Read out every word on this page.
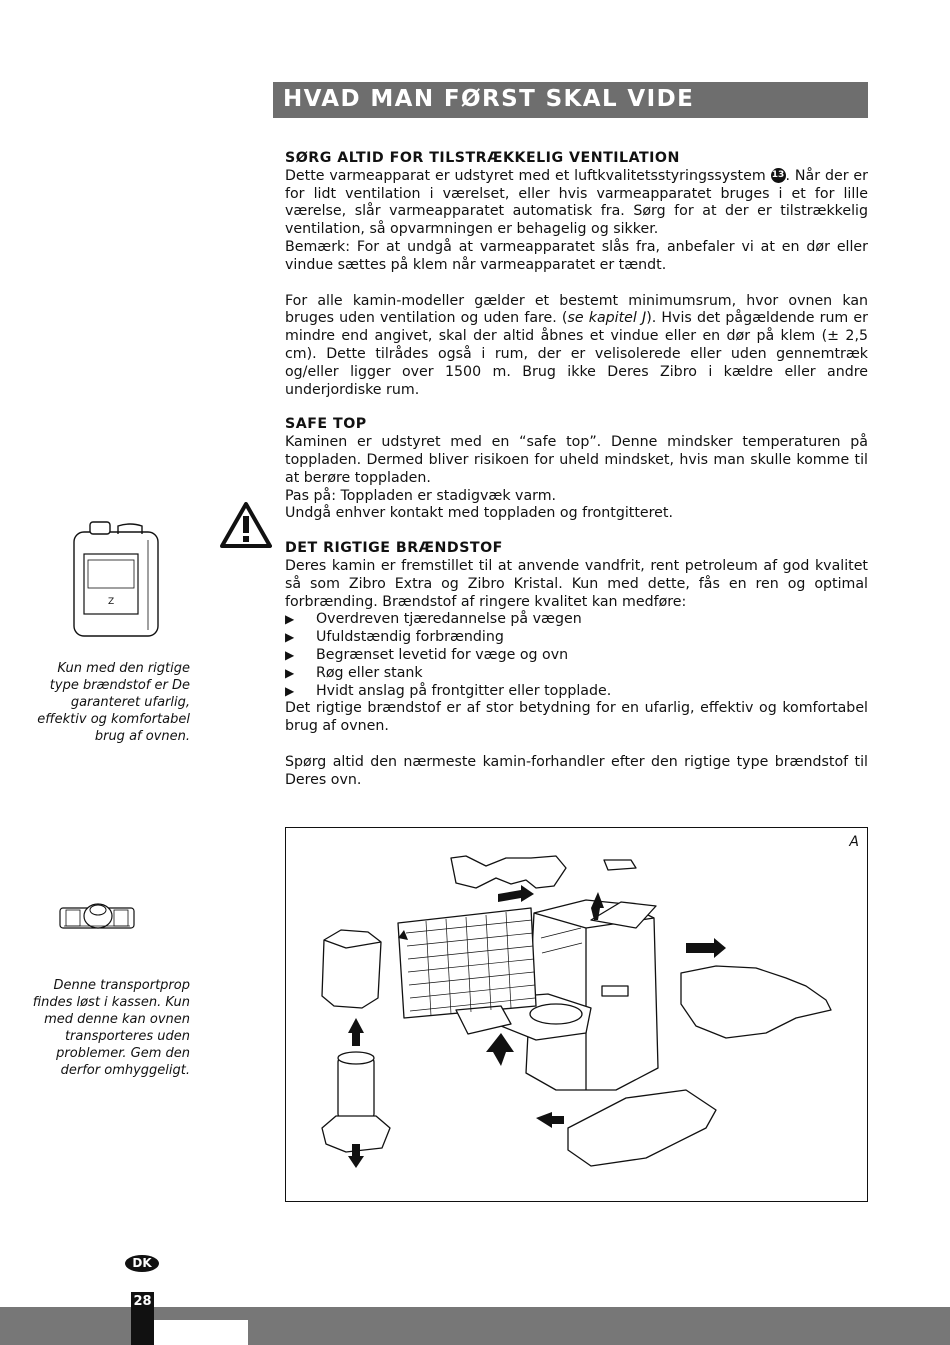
HVAD MAN FØRST SKAL VIDE
SØRG ALTID FOR TILSTRÆKKELIG VENTILATION

Dette varmeapparat er udstyret med et luftkvalitetsstyringssystem 13. Når der er for lidt ventilation i værelset, eller hvis varmeapparatet bruges i et for lille værelse, slår varmeapparatet automatisk fra. Sørg for at der er tilstrækkelig ventilation, så opvarmningen er behagelig og sikker.

Bemærk: For at undgå at varmeapparatet slås fra, anbefaler vi at en dør eller vindue sættes på klem når varmeapparatet er tændt.

For alle kamin-modeller gælder et bestemt minimumsrum, hvor ovnen kan bruges uden ventilation og uden fare. (se kapitel J). Hvis det pågældende rum er mindre end angivet, skal der altid åbnes et vindue eller en dør på klem (± 2,5 cm). Dette tilrådes også i rum, der er velisolerede eller uden gennemtræk og/eller ligger over 1500 m. Brug ikke Deres Zibro i kældre eller andre underjordiske rum.

SAFE TOP

Kaminen er udstyret med en “safe top”. Denne mindsker temperaturen på toppladen. Dermed bliver risikoen for uheld mindsket, hvis man skulle komme til at berøre toppladen.

Pas på: Toppladen er stadigvæk varm.

Undgå enhver kontakt med toppladen og frontgitteret.

DET RIGTIGE BRÆNDSTOF

Deres kamin er fremstillet til at anvende vandfrit, rent petroleum af god kvalitet så som Zibro Extra og Zibro Kristal. Kun med dette, fås en ren og optimal forbrænding. Brændstof af ringere kvalitet kan medføre:

▶ Overdreven tjæredannelse på vægen
▶ Ufuldstændig forbrænding
▶ Begrænset levetid for væge og ovn
▶ Røg eller stank
▶ Hvidt anslag på frontgitter eller topplade.

Det rigtige brændstof er af stor betydning for en ufarlig, effektiv og komfortabel brug af ovnen.

Spørg altid den nærmeste kamin-forhandler efter den rigtige type brændstof til Deres ovn.

Z
Kun med den rigtige type brændstof er De garanteret ufarlig, effektiv og komfortabel brug af ovnen.
Denne transportprop findes løst i kassen. Kun med denne kan ovnen transporteres uden problemer. Gem den derfor omhyggeligt.
A
DK
28
